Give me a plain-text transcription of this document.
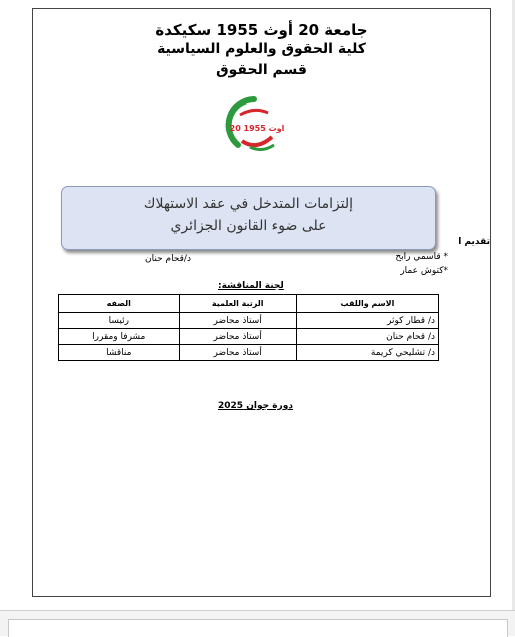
جامعة 20 أوث 1955 سكيكدة
كلية الحقوق والعلوم السياسية
قسم الحقوق
20 اوت 1955
إلتزامات المتدخل في عقد الاستهلاك
على ضوء القانون الجزائري
تقديم ا
* قاسمي رابح
*كتوش عمار
د/قحام حنان
لجنة المناقشة:
الاسم واللقب	الرتبة العلمية	الصفه
د/ قطار كوثر	أستاذ محاضر	رئيسا
د/ قحام حنان	أستاذ محاضر	مشرفا ومقررا
د/ تشليحي كريمة	أستاذ محاضر	مناقشا
دورة جوان 2025
